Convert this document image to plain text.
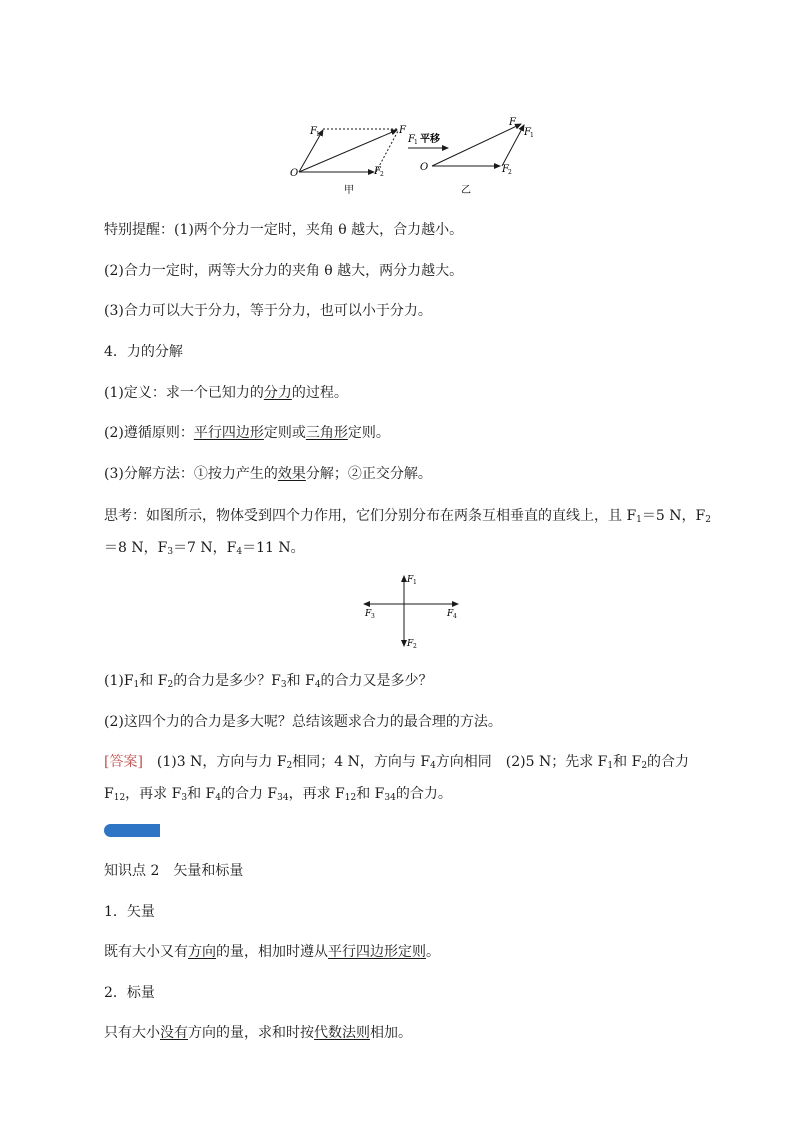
O
F 1
F 2
F
甲
F 1 平移
O
F
F 1
F 2
乙
特别提醒：(1)两个分力一定时，夹角 θ 越大，合力越小。
(2)合力一定时，两等大分力的夹角 θ 越大，两分力越大。
(3)合力可以大于分力，等于分力，也可以小于分力。
4．力的分解
(1)定义：求一个已知力的分力的过程。
(2)遵循原则：平行四边形定则或三角形定则。
(3)分解方法：①按力产生的效果分解；②正交分解。
思考：如图所示，物体受到四个力作用，它们分别分布在两条互相垂直的直线上，且 $F_1=5$ N，$F_2=8$ N，$F_3=7$ N，$F_4=11$ N。
F 1
F 2
F 3	F 4
$(1)F_1$和 $F_2$的合力是多少？$F_3$和 $F_4$的合力又是多少？
(2)这四个力的合力是多大呢？总结该题求合力的最合理的方法。
[答案]　(1)3 N，方向与力 $F_2$相同；4 N，方向与 $F_4$方向相同　(2)5 N；先求 $F_1$和 $F_2$的合力 $F_{12}$，再求 $F_3$和 $F_4$的合力 $F_{34}$，再求 $F_{12}$和 $F_{34}$的合力。
知识点 2　矢量和标量
1．矢量
既有大小又有方向的量，相加时遵从平行四边形定则。
2．标量
只有大小没有方向的量，求和时按代数法则相加。
